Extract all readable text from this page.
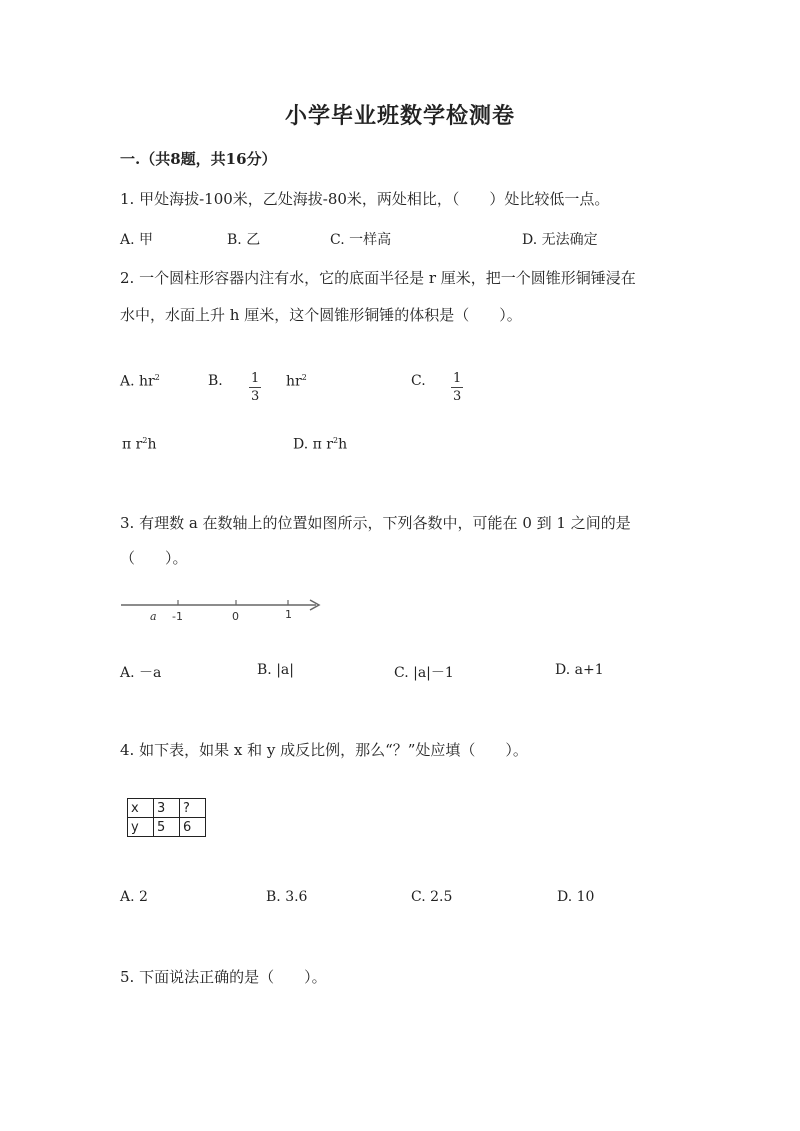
小学毕业班数学检测卷
一.（共8题，共16分）
1. 甲处海拔-100米，乙处海拔-80米，两处相比，（　　）处比较低一点。
A. 甲	B. 乙	C. 一样高	D. 无法确定
2. 一个圆柱形容器内注有水，它的底面半径是 r 厘米，把一个圆锥形铜锤浸在
水中，水面上升 h 厘米，这个圆锥形铜锤的体积是（　　）。
A. $hr^2$	B. $\frac{1}{3} hr^2$	C. $\frac{1}{3}$
π $r^2h$	D. π $r^2h$
3. 有理数 a 在数轴上的位置如图所示，下列各数中，可能在 0 到 1 之间的是
（　　）。
a -1	0	1
A. －a	B. |a|	C. |a|－1	D. a+1
4. 如下表，如果 x 和 y 成反比例，那么“？”处应填（　　）。
x	3	?
y	5	6
A. 2	B. 3.6	C. 2.5	D. 10
5. 下面说法正确的是（　　）。
